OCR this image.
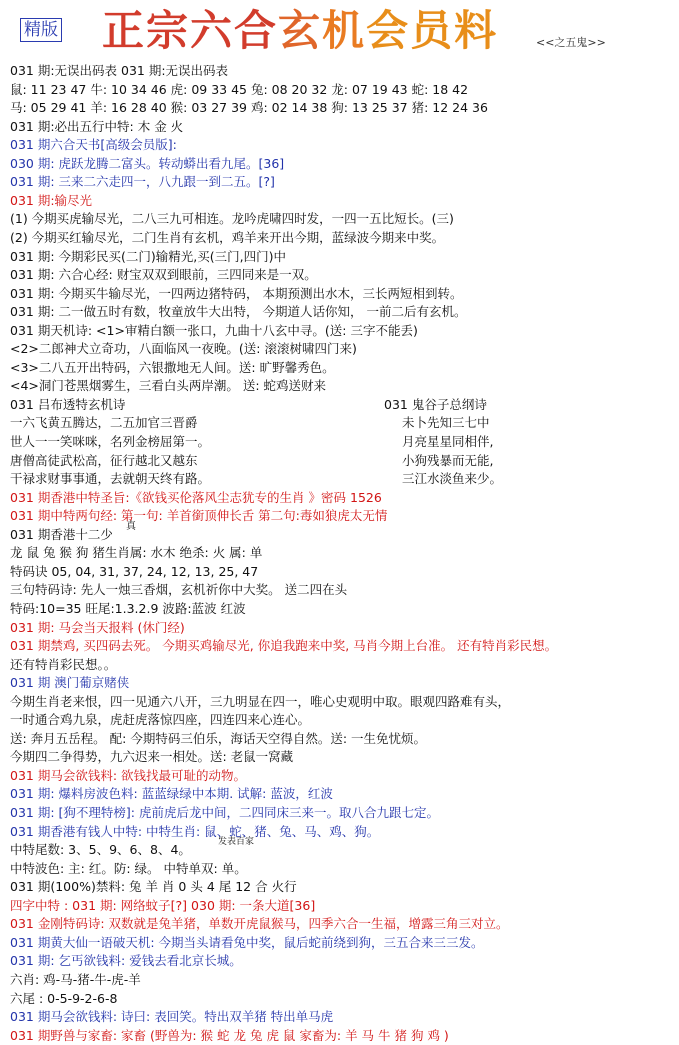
精版 正宗六合玄机会员料	<<之五鬼>>
031 期:无误出码表 031 期:无误出码表
鼠: 11 23 47 牛: 10 34 46 虎: 09 33 45 兔: 08 20 32 龙: 07 19 43 蛇: 18 42
马: 05 29 41 羊: 16 28 40 猴: 03 27 39 鸡: 02 14 38 狗: 13 25 37 猪: 12 24 36
031 期:必出五行中特: 木 金 火
031 期六合天书[高级会员版]:
030 期: 虎跃龙腾二富头。转动蟒出看九尾。[36]
031 期: 三来二六走四一，八九跟一到二五。[?]
031 期:输尽光
(1) 今期买虎输尽光，二八三九可相连。龙吟虎啸四时发，一四一五比短长。(三)
(2) 今期买红输尽光，二门生肖有玄机，鸡羊来开出今期，蓝绿波今期来中奖。
031 期: 今期彩民买(二门)输精光,买(三门,四门)中
031 期: 六合心经: 财宝双双到眼前，三四同来是一双。
031 期: 今期买牛输尽光，一四两边猪特码， 本期预测出水木，三长两短相到转。
031 期: 二一做五时有数，牧童放牛大出特， 今期道人话你知， 一前二后有玄机。
031 期天机诗: <1>审精白额一张口，九曲十八玄中寻。(送: 三字不能丢)
<2>二郎神犬立奇功，八面临风一夜晚。(送: 滚滚树啸四门来)
<3>二八五开出特码，六银撒地无人间。送: 旷野馨秀色。
<4>洞门苍黑烟雾生，三看白头两岸潮。 送: 蛇鸡送财来
031 期香港中特圣旨:《欲钱买伦落风尘志犹专的生肖 》密码 1526
031 期中特两句经: 第一句: 羊首銜顶伸长舌 第二句:毒如狼虎太无情
031 期香港十二少
龙 鼠 兔 猴 狗 猪生肖属: 水木 绝杀: 火 属: 单
特码诀 05, 04, 31, 37, 24, 12, 13, 25, 47
三句特码诗: 先人一烛三香烟，玄机祈你中大奖。 送二四在头
特码:10=35 旺尾:1.3.2.9 波路:蓝波 红波
031 期: 马会当天报料 (休门经)
031 期禁鸡, 买四码去死。 今期买鸡输尽光, 你追我跑来中奖, 马肖今期上台准。 还有特肖彩民想。
还有特肖彩民想。。
031 期 澳门葡京赌侠
今期生肖老来恨，四一见通六八开，三九明显在四一，唯心史观明中取。眼观四路难有头，
一时通合鸡九泉，虎赶虎落惊四座，四连四来心连心。
送: 奔月五岳程。 配: 今期特码三伯乐，海话天空得自然。送: 一生免忧烦。
今期四二争得势，九六迟来一相处。送: 老鼠一窝藏
031 期马会欲钱料: 欲钱找最可耻的动物。
031 期: 爆料房波色料: 蓝蓝绿绿中本期. 试解: 蓝波，红波
031 期: [狗不理特榜]: 虎前虎后龙中间，二四同床三来一。取八合九跟七定。
031 期香港有钱人中特: 中特生肖: 鼠、蛇、猪、兔、马、鸡、狗。
中特尾数: 3、5、9、6、8、4。
中特波色: 主: 红。防: 绿。 中特单双: 单。
031 期(100%)禁料: 兔 羊 肖 0 头 4 尾 12 合 火行
四字中特 : 031 期: 网络蚊子[?] 030 期: 一条大道[36]
031 金刚特码诗: 双数就是兔羊猪，单数开虎鼠猴马，四季六合一生福，增露三角三对立。
031 期黄大仙一语破天机: 今期当头请看兔中奖，鼠后蛇前绕到狗，三五合来三三发。
031 期: 乞丐欲钱料: 爱钱去看北京长城。
六肖: 鸡-马-猪-牛-虎-羊
六尾 : 0-5-9-2-6-8
031 期马会欲钱料: 诗曰: 表回笑。特出双羊猪 特出单马虎
031 期野兽与家畜: 家畜 (野兽为: 猴 蛇 龙 兔 虎 鼠 家畜为: 羊 马 牛 猪 狗 鸡 )
031 吕布透特玄机诗	031 鬼谷子总纲诗
一六飞黄五腾达，二五加官三晋爵
世人一一笑咪咪，名列金榜屈第一。
唐僧高徒武松高，征行越北又越东
干禄求财事事通，去就朝天终有路。
未卜先知三七中
月亮星星同相伴,
小狗残暴而无能,
三江水淡鱼来少。
真
发表百家
